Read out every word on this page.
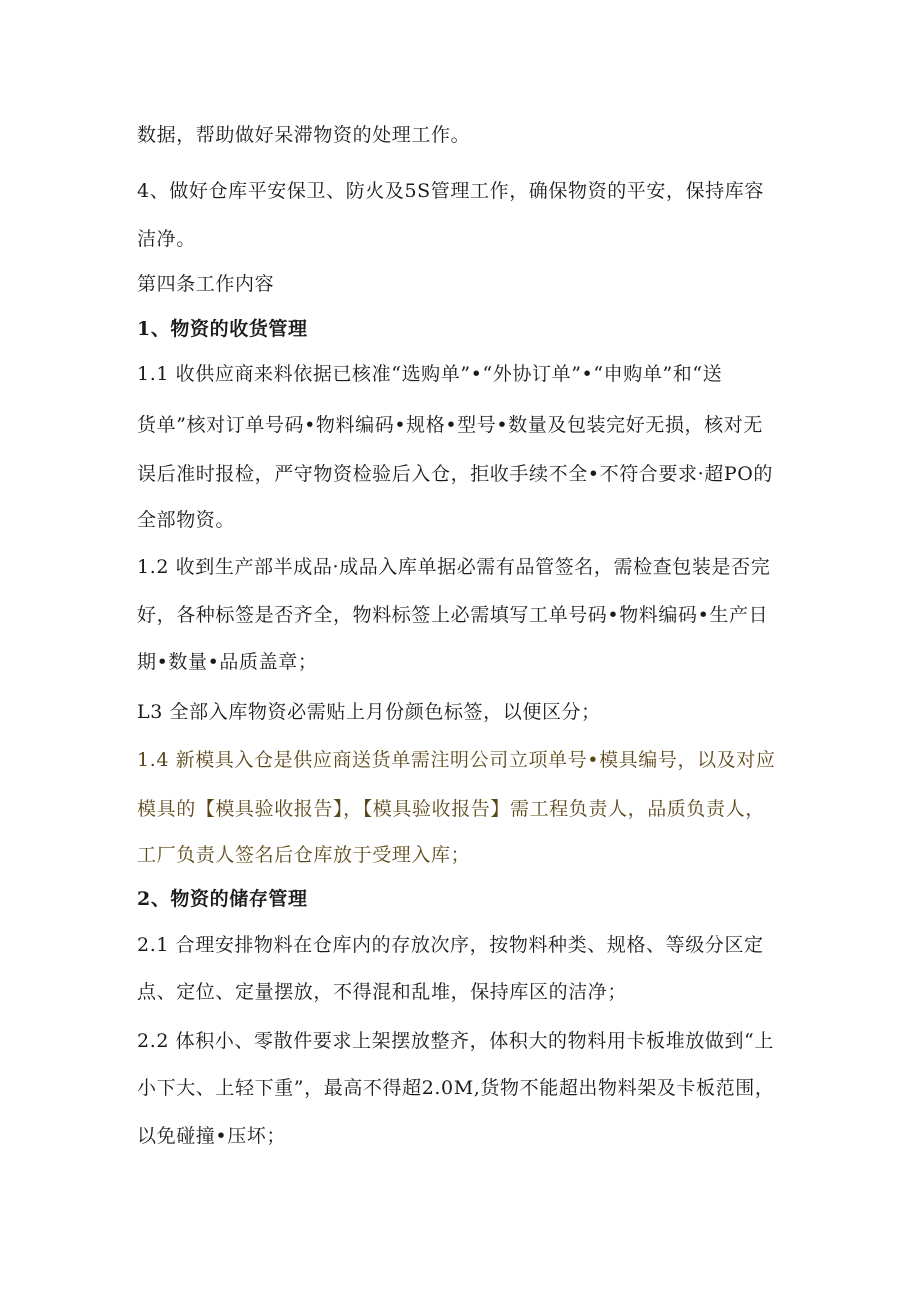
数据，帮助做好呆滞物资的处理工作。
4、做好仓库平安保卫、防火及5S管理工作，确保物资的平安，保持库容
洁净。
第四条工作内容
1、物资的收货管理
1.1 收供应商来料依据已核准“选购单”•“外协订单”•“申购单”和“送
货单”核对订单号码•物料编码•规格•型号•数量及包装完好无损，核对无
误后准时报检，严守物资检验后入仓，拒收手续不全•不符合要求·超PO的
全部物资。
1.2 收到生产部半成品·成品入库单据必需有品管签名，需检查包装是否完
好，各种标签是否齐全，物料标签上必需填写工单号码•物料编码•生产日
期•数量•品质盖章；
L3 全部入库物资必需贴上月份颜色标签，以便区分；
1.4 新模具入仓是供应商送货单需注明公司立项单号•模具编号，以及对应
模具的【模具验收报告】，【模具验收报告】需工程负责人，品质负责人，
工厂负责人签名后仓库放于受理入库；
2、物资的储存管理
2.1 合理安排物料在仓库内的存放次序，按物料种类、规格、等级分区定
点、定位、定量摆放，不得混和乱堆，保持库区的洁净；
2.2 体积小、零散件要求上架摆放整齐，体积大的物料用卡板堆放做到“上
小下大、上轻下重”，最高不得超2.0M,货物不能超出物料架及卡板范围，
以免碰撞•压坏；
